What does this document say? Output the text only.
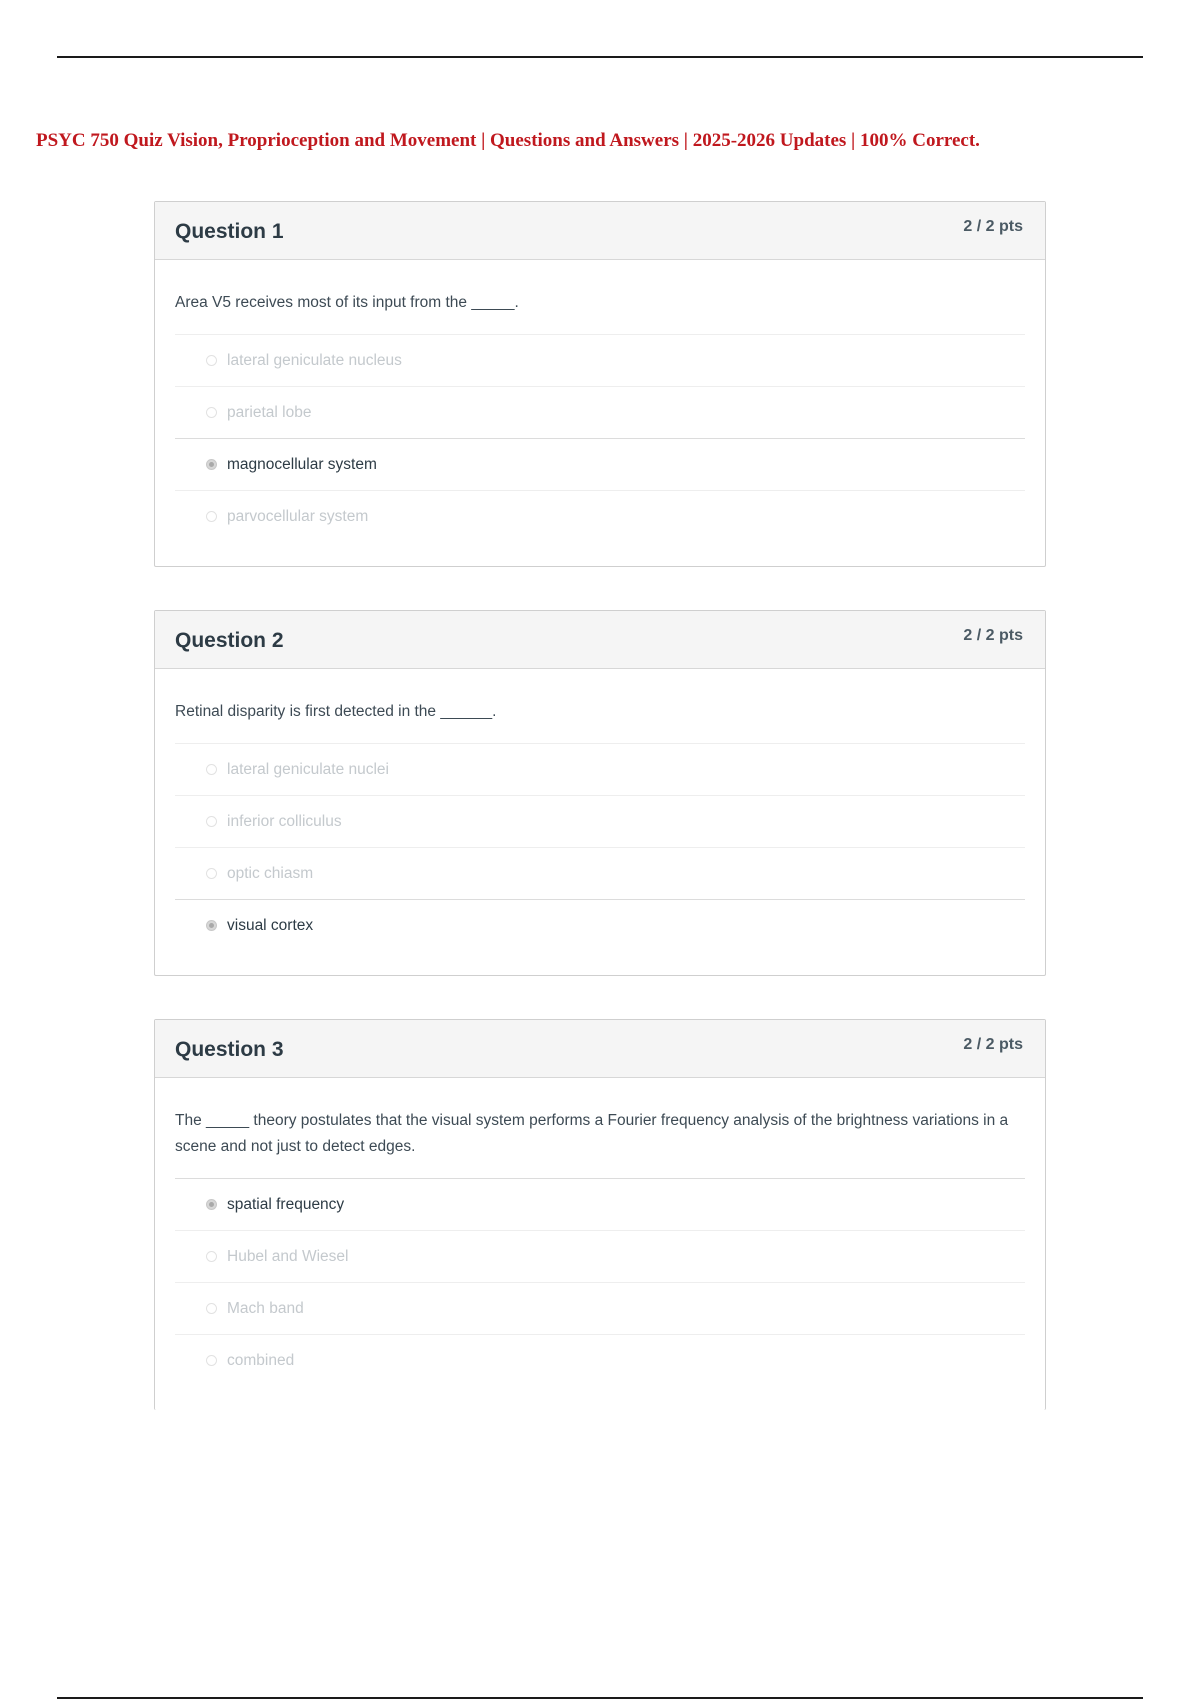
PSYC 750 Quiz Vision, Proprioception and Movement | Questions and Answers | 2025-2026 Updates | 100% Correct.
Question 1	2 / 2 pts
Area V5 receives most of its input from the _____.
lateral geniculate nucleus
parietal lobe
magnocellular system
parvocellular system
Question 2	2 / 2 pts
Retinal disparity is first detected in the ______.
lateral geniculate nuclei
inferior colliculus
optic chiasm
visual cortex
Question 3	2 / 2 pts
The _____ theory postulates that the visual system performs a Fourier frequency analysis of the brightness variations in a scene and not just to detect edges.
spatial frequency
Hubel and Wiesel
Mach band
combined
